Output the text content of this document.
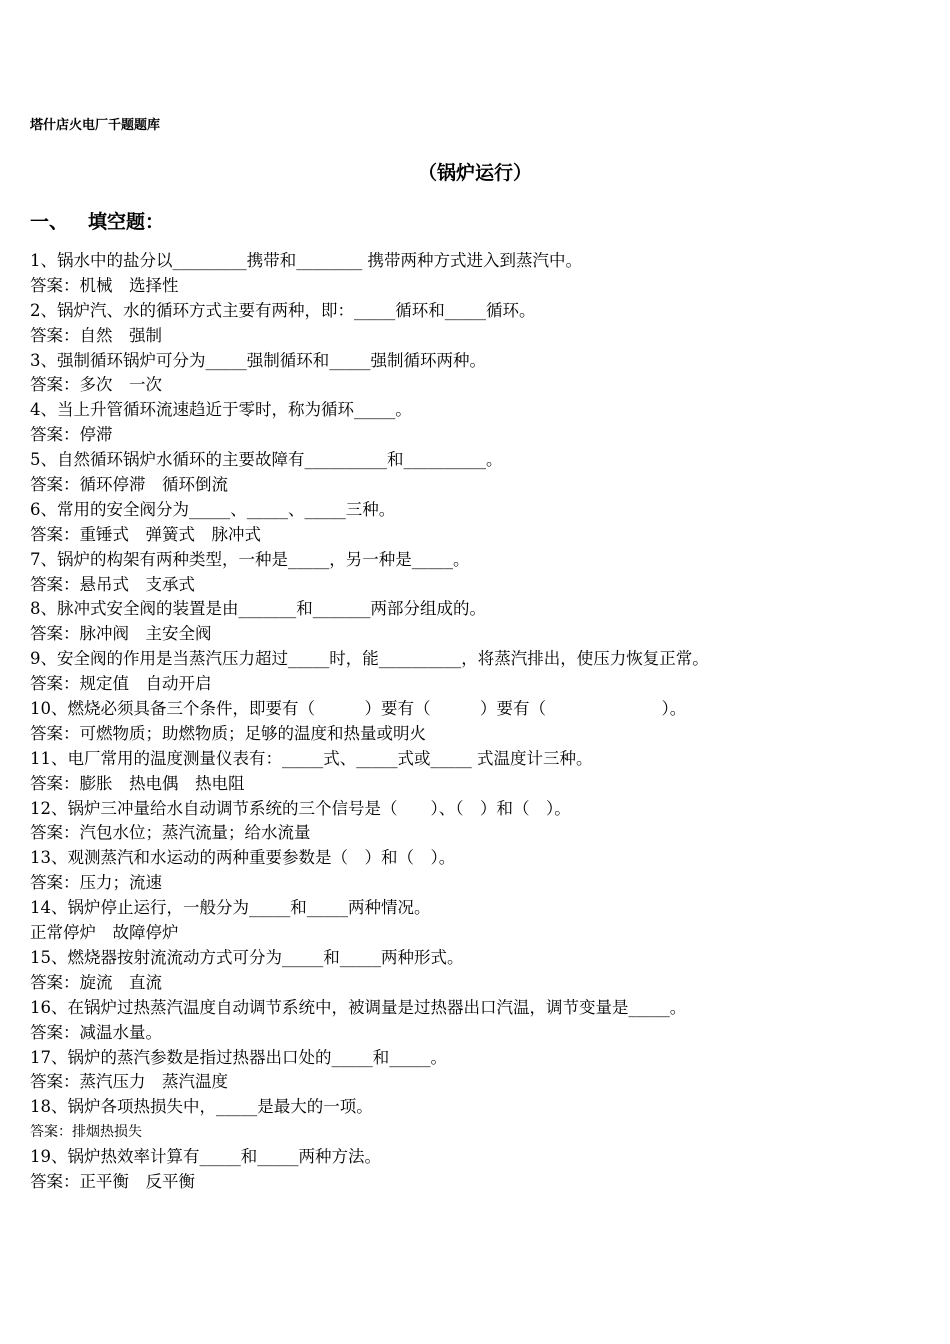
塔什店火电厂千题题库
（锅炉运行）
一、 填空题：
1、锅水中的盐分以_________携带和________ 携带两种方式进入到蒸汽中。
答案：机械　选择性
2、锅炉汽、水的循环方式主要有两种，即：_____循环和_____循环。
答案：自然　强制
3、强制循环锅炉可分为_____强制循环和_____强制循环两种。
答案：多次　一次
4、当上升管循环流速趋近于零时，称为循环_____。
答案：停滞
5、自然循环锅炉水循环的主要故障有__________和__________。
答案：循环停滞　循环倒流
6、常用的安全阀分为_____、_____、_____三种。
答案：重锤式　弹簧式　脉冲式
7、锅炉的构架有两种类型，一种是_____，另一种是_____。
答案：悬吊式　支承式
8、脉冲式安全阀的装置是由_______和_______两部分组成的。
答案：脉冲阀　主安全阀
9、安全阀的作用是当蒸汽压力超过_____时，能__________，将蒸汽排出，使压力恢复正常。
答案：规定值　自动开启
10、燃烧必须具备三个条件，即要有（　　　）要有（　　　）要有（　　　　　　　）。
答案：可燃物质；助燃物质；足够的温度和热量或明火
11、电厂常用的温度测量仪表有：_____式、_____式或_____ 式温度计三种。
答案：膨胀　热电偶　热电阻
12、锅炉三冲量给水自动调节系统的三个信号是（　　）、（　）和（　）。
答案：汽包水位；蒸汽流量；给水流量
13、观测蒸汽和水运动的两种重要参数是（　）和（　）。
答案：压力；流速
14、锅炉停止运行，一般分为_____和_____两种情况。
正常停炉　故障停炉
15、燃烧器按射流流动方式可分为_____和_____两种形式。
答案：旋流　直流
16、在锅炉过热蒸汽温度自动调节系统中，被调量是过热器出口汽温，调节变量是_____。
答案：减温水量。
17、锅炉的蒸汽参数是指过热器出口处的_____和_____。
答案：蒸汽压力　蒸汽温度
18、锅炉各项热损失中，_____是最大的一项。
答案：排烟热损失
19、锅炉热效率计算有_____和_____两种方法。
答案：正平衡　反平衡
